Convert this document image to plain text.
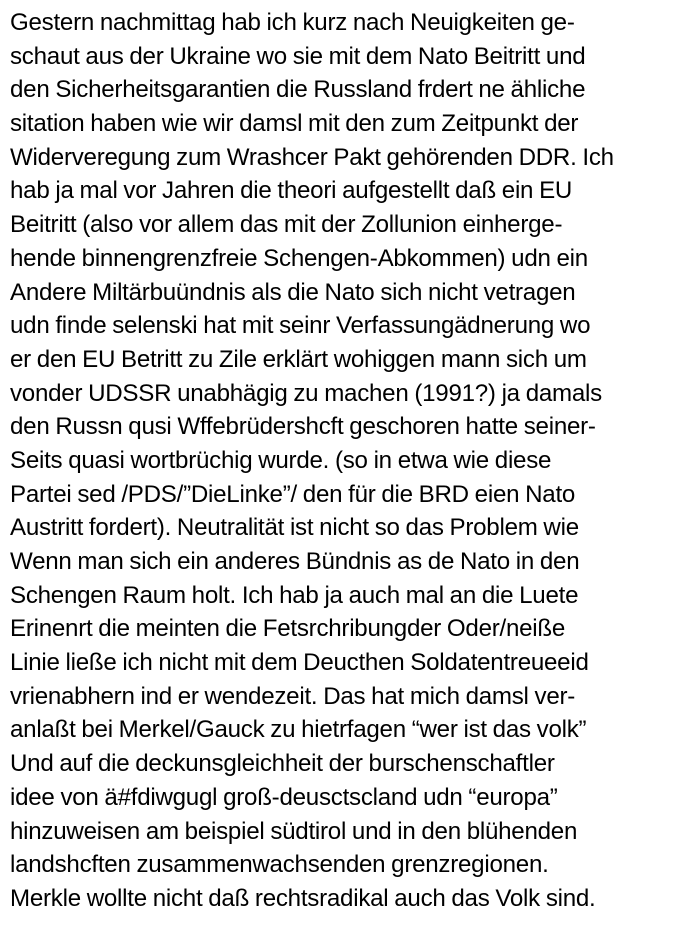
Gestern nachmittag hab ich kurz nach Neuigkeiten ge-
schaut aus der Ukraine wo sie mit dem Nato Beitritt und
den Sicherheitsgarantien die Russland frdert ne ähliche
sitation haben wie wir damsl mit den zum Zeitpunkt der
Widerveregung zum Wrashcer Pakt gehörenden DDR. Ich
hab ja mal vor Jahren die theori aufgestellt daß ein EU
Beitritt (also vor allem das mit der Zollunion einherge-
hende binnengrenzfreie Schengen-Abkommen) udn ein
Andere Miltärbuündnis als die Nato sich nicht vetragen
udn finde selenski hat mit seinr Verfassungädnerung wo
er den EU Betritt zu Zile erklärt wohiggen mann sich um
vonder UDSSR unabhägig zu machen (1991?) ja damals
den Russn qusi Wffebrüdershcft geschoren hatte seiner-
Seits quasi wortbrüchig wurde. (so in etwa wie diese
Partei sed /PDS/”DieLinke”/ den für die BRD eien Nato
Austritt fordert). Neutralität ist nicht so das Problem wie
Wenn man sich ein anderes Bündnis as de Nato in den
Schengen Raum holt. Ich hab ja auch mal an die Luete
Erinenrt die meinten die Fetsrchribungder Oder/neiße
Linie ließe ich nicht mit dem Deucthen Soldatentreueeid
vrienabhern ind er wendezeit. Das hat mich damsl ver-
anlaßt bei Merkel/Gauck zu hietrfagen “wer ist das volk”
Und auf die deckunsgleichheit der burschenschaftler
idee von ä#fdiwgugl groß-deusctscland udn “europa”
hinzuweisen am beispiel südtirol und in den blühenden
landshcften zusammenwachsenden grenzregionen.
Merkle wollte nicht daß rechtsradikal auch das Volk sind.
